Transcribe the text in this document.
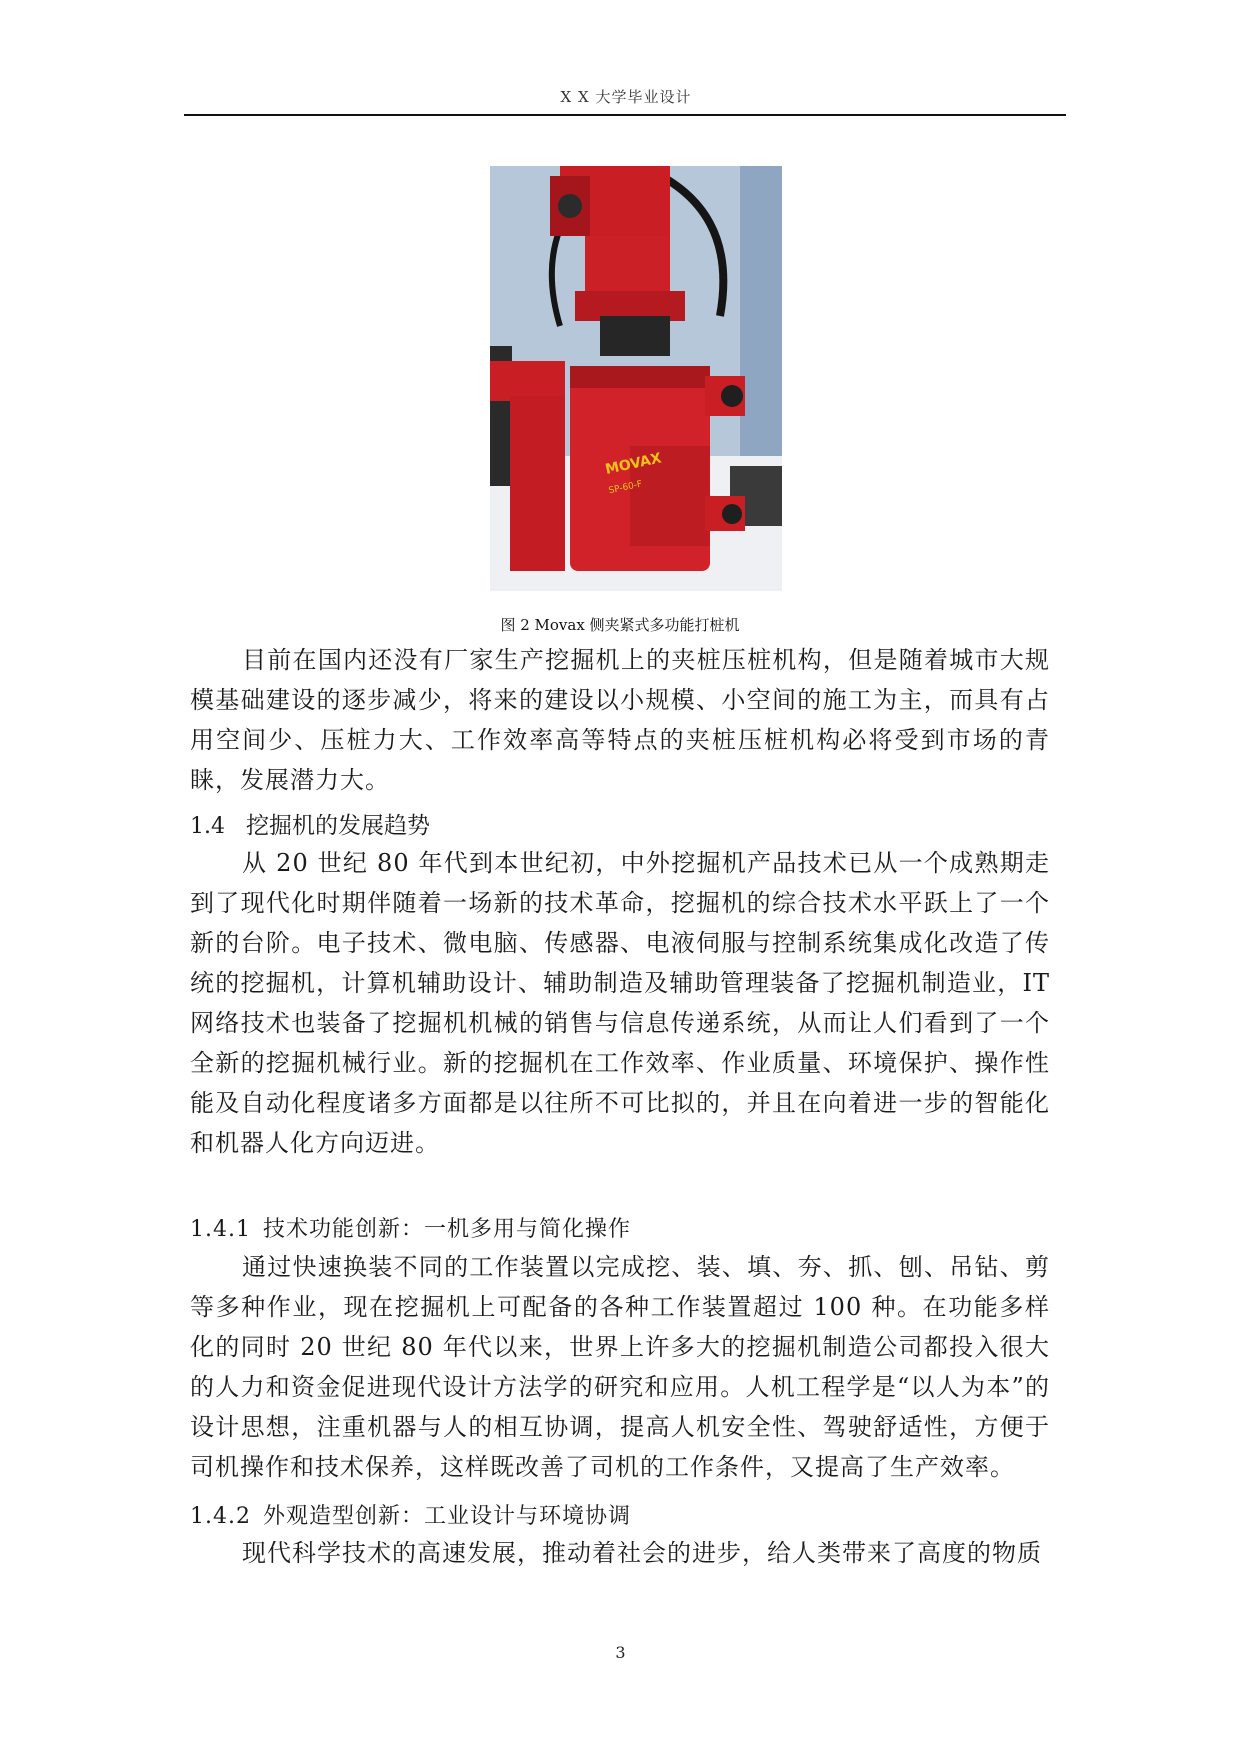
X X 大学毕业设计
MOVAX
SP-60-F
图 2 Movax 侧夹紧式多功能打桩机

目前在国内还没有厂家生产挖掘机上的夹桩压桩机构，但是随着城市大规模基础建设的逐步减少，将来的建设以小规模、小空间的施工为主，而具有占用空间少、压桩力大、工作效率高等特点的夹桩压桩机构必将受到市场的青睐，发展潜力大。

1.4 挖掘机的发展趋势

从 20 世纪 80 年代到本世纪初，中外挖掘机产品技术已从一个成熟期走到了现代化时期伴随着一场新的技术革命，挖掘机的综合技术水平跃上了一个新的台阶。电子技术、微电脑、传感器、电液伺服与控制系统集成化改造了传统的挖掘机，计算机辅助设计、辅助制造及辅助管理装备了挖掘机制造业，IT 网络技术也装备了挖掘机机械的销售与信息传递系统，从而让人们看到了一个全新的挖掘机械行业。新的挖掘机在工作效率、作业质量、环境保护、操作性能及自动化程度诸多方面都是以往所不可比拟的，并且在向着进一步的智能化和机器人化方向迈进。

1.4.1 技术功能创新：一机多用与简化操作

通过快速换装不同的工作装置以完成挖、装、填、夯、抓、刨、吊钻、剪等多种作业，现在挖掘机上可配备的各种工作装置超过 100 种。在功能多样化的同时 20 世纪 80 年代以来，世界上许多大的挖掘机制造公司都投入很大的人力和资金促进现代设计方法学的研究和应用。人机工程学是“以人为本”的设计思想，注重机器与人的相互协调，提高人机安全性、驾驶舒适性，方便于司机操作和技术保养，这样既改善了司机的工作条件，又提高了生产效率。

1.4.2 外观造型创新：工业设计与环境协调

现代科学技术的高速发展，推动着社会的进步，给人类带来了高度的物质

3
